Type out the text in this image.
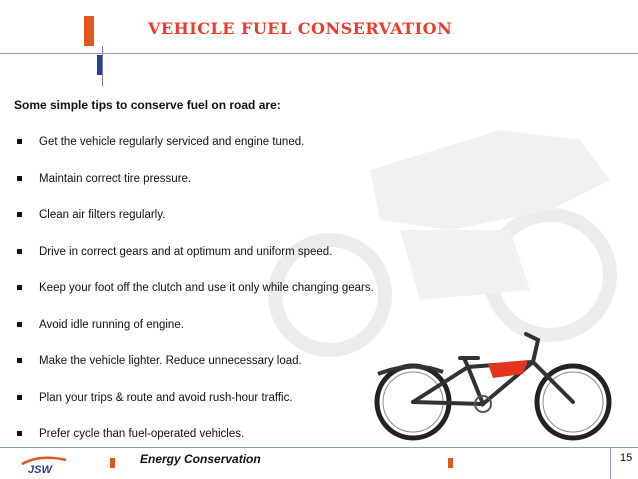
VEHICLE FUEL CONSERVATION
Some simple tips to conserve fuel on road are:
Get the vehicle regularly serviced and engine tuned.
Maintain correct tire pressure.
Clean air filters regularly.
Drive in correct gears and at optimum and uniform speed.
Keep your foot off the clutch and use it only while changing gears.
Avoid idle running of engine.
Make the vehicle lighter. Reduce unnecessary load.
Plan your trips & route and avoid rush-hour traffic.
Prefer cycle than fuel-operated vehicles.
JSW
Energy Conservation	15
